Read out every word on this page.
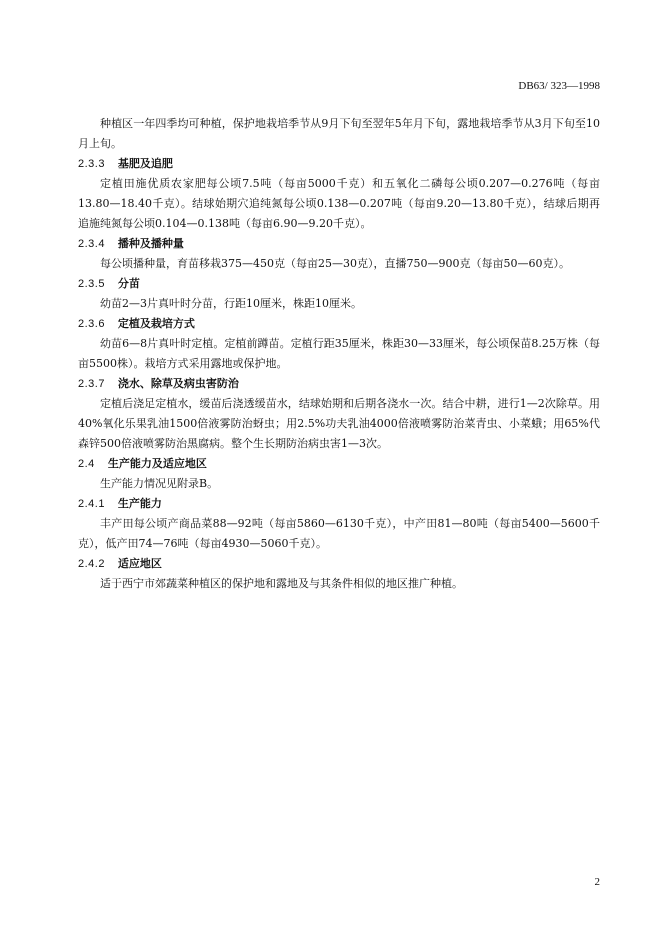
DB63/ 323—1998

种植区一年四季均可种植，保护地栽培季节从9月下旬至翌年5年月下旬，露地栽培季节从3月下旬至10月上旬。

2.3.3 基肥及追肥

定植田施优质农家肥每公顷7.5吨（每亩5000千克）和五氧化二磷每公顷0.207—0.276吨（每亩13.80—18.40千克）。结球始期穴追纯氮每公顷0.138—0.207吨（每亩9.20—13.80千克），结球后期再追施纯氮每公顷0.104—0.138吨（每亩6.90—9.20千克）。

2.3.4 播种及播种量

每公顷播种量，育苗移栽375—450克（每亩25—30克），直播750—900克（每亩50—60克）。

2.3.5 分苗

幼苗2—3片真叶时分苗，行距10厘米，株距10厘米。

2.3.6 定植及栽培方式

幼苗6—8片真叶时定植。定植前蹲苗。定植行距35厘米，株距30—33厘米，每公顷保苗8.25万株（每亩5500株）。栽培方式采用露地或保护地。

2.3.7 浇水、除草及病虫害防治

定植后浇足定植水，缓苗后浇透缓苗水，结球始期和后期各浇水一次。结合中耕，进行1—2次除草。用40%氧化乐果乳油1500倍液雾防治蚜虫；用2.5%功夫乳油4000倍液喷雾防治菜青虫、小菜蛾；用65%代森锌500倍液喷雾防治黑腐病。整个生长期防治病虫害1—3次。

2.4 生产能力及适应地区

生产能力情况见附录B。

2.4.1 生产能力

丰产田每公顷产商品菜88—92吨（每亩5860—6130千克），中产田81—80吨（每亩5400—5600千克），低产田74—76吨（每亩4930—5060千克）。

2.4.2 适应地区

适于西宁市郊蔬菜种植区的保护地和露地及与其条件相似的地区推广种植。

2
